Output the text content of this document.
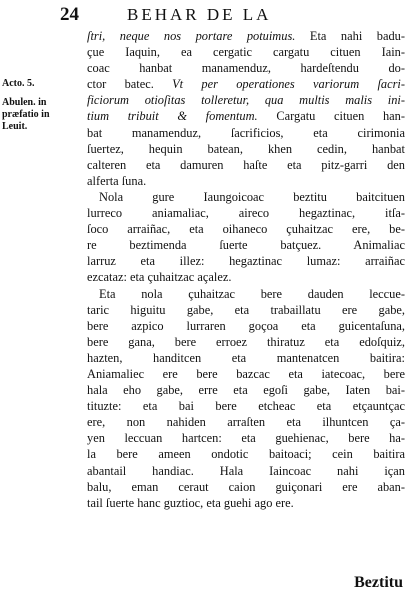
24	BEHAR DE LA
Acto. 5.
Abulen. in præfatio in Leuit.
ſtri, neque nos portare potuimus. Eta nahi badu-
çue Iaquin, ea cergatic cargatu cituen Iain-
coac hanbat manamenduz, hardeſtendu do-
ctor batec. Vt per operationes variorum ſacri-
ficiorum otioſitas tolleretur, qua multis malis ini-
tium tribuit & fomentum. Cargatu cituen han-
bat manamenduz, ſacrificios, eta cirimonia
ſuertez, hequin batean, khen cedin, hanbat
calteren eta damuren haſte eta pitz-garri den
alferta ſuna.
Nola gure Iaungoicoac beztitu baitcituen
lurreco aniamaliac, aireco hegaztinac, itſa-
ſoco arraiñac, eta oihaneco çuhaitzac ere, be-
re beztimenda ſuerte batçuez. Animaliac
larruz eta illez: hegaztinac lumaz: arraiñac
ezcataz: eta çuhaitzac açalez.
Eta nola çuhaitzac bere dauden leccue-
taric higuitu gabe, eta trabaillatu ere gabe,
bere azpico lurraren goçoa eta guicentaſuna,
bere gana, bere erroez thiratuz eta edoſquiz,
hazten, handitcen eta mantenatcen baitira:
Aniamaliec ere bere bazcac eta iatecoac, bere
hala eho gabe, erre eta egoſi gabe, Iaten bai-
tituzte: eta bai bere etcheac eta etçauntçac
ere, non nahiden arraſten eta ilhuntcen ça-
yen leccuan hartcen: eta guehienac, bere ha-
la bere ameen ondotic baitoaci; cein baitira
abantail handiac. Hala Iaincoac nahi içan
balu, eman ceraut caion guiçonari ere aban-
tail ſuerte hanc guztioc, eta guehi ago ere.
Beztitu
